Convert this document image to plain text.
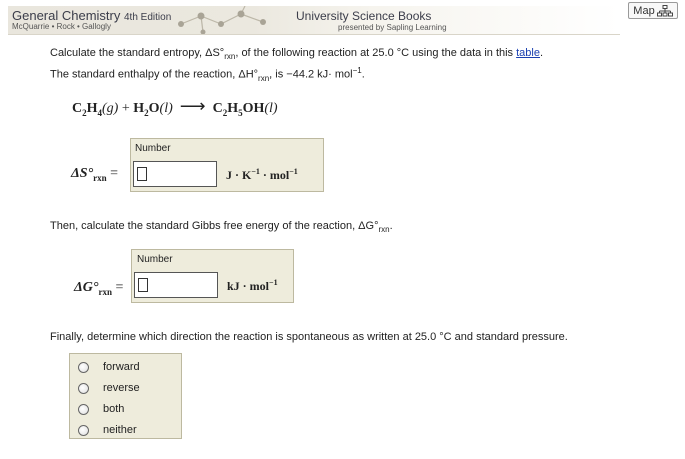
General Chemistry 4th Edition
McQuarrie • Rock • Gallogly
University Science Books
presented by Sapling Learning
Map
Calculate the standard entropy, $\Delta S^\circ_{rxn}$, of the following reaction at 25.0 °C using the data in this table.
The standard enthalpy of the reaction, $\Delta H^\circ_{rxn}$, is −44.2 kJ· mol$^{-1}$.
$C_2H_4(g) + H_2O(l)$ ⟶ $C_2H_5OH(l)$
$\Delta S^\circ_{rxn}$ =
Number
$J \cdot K^{-1} \cdot mol^{-1}$
Then, calculate the standard Gibbs free energy of the reaction, $\Delta G^\circ_{rxn}$.
$\Delta G^\circ_{rxn}$ =
Number
kJ · mol$^{-1}$
Finally, determine which direction the reaction is spontaneous as written at 25.0 °C and standard pressure.
forward
reverse
both
neither
